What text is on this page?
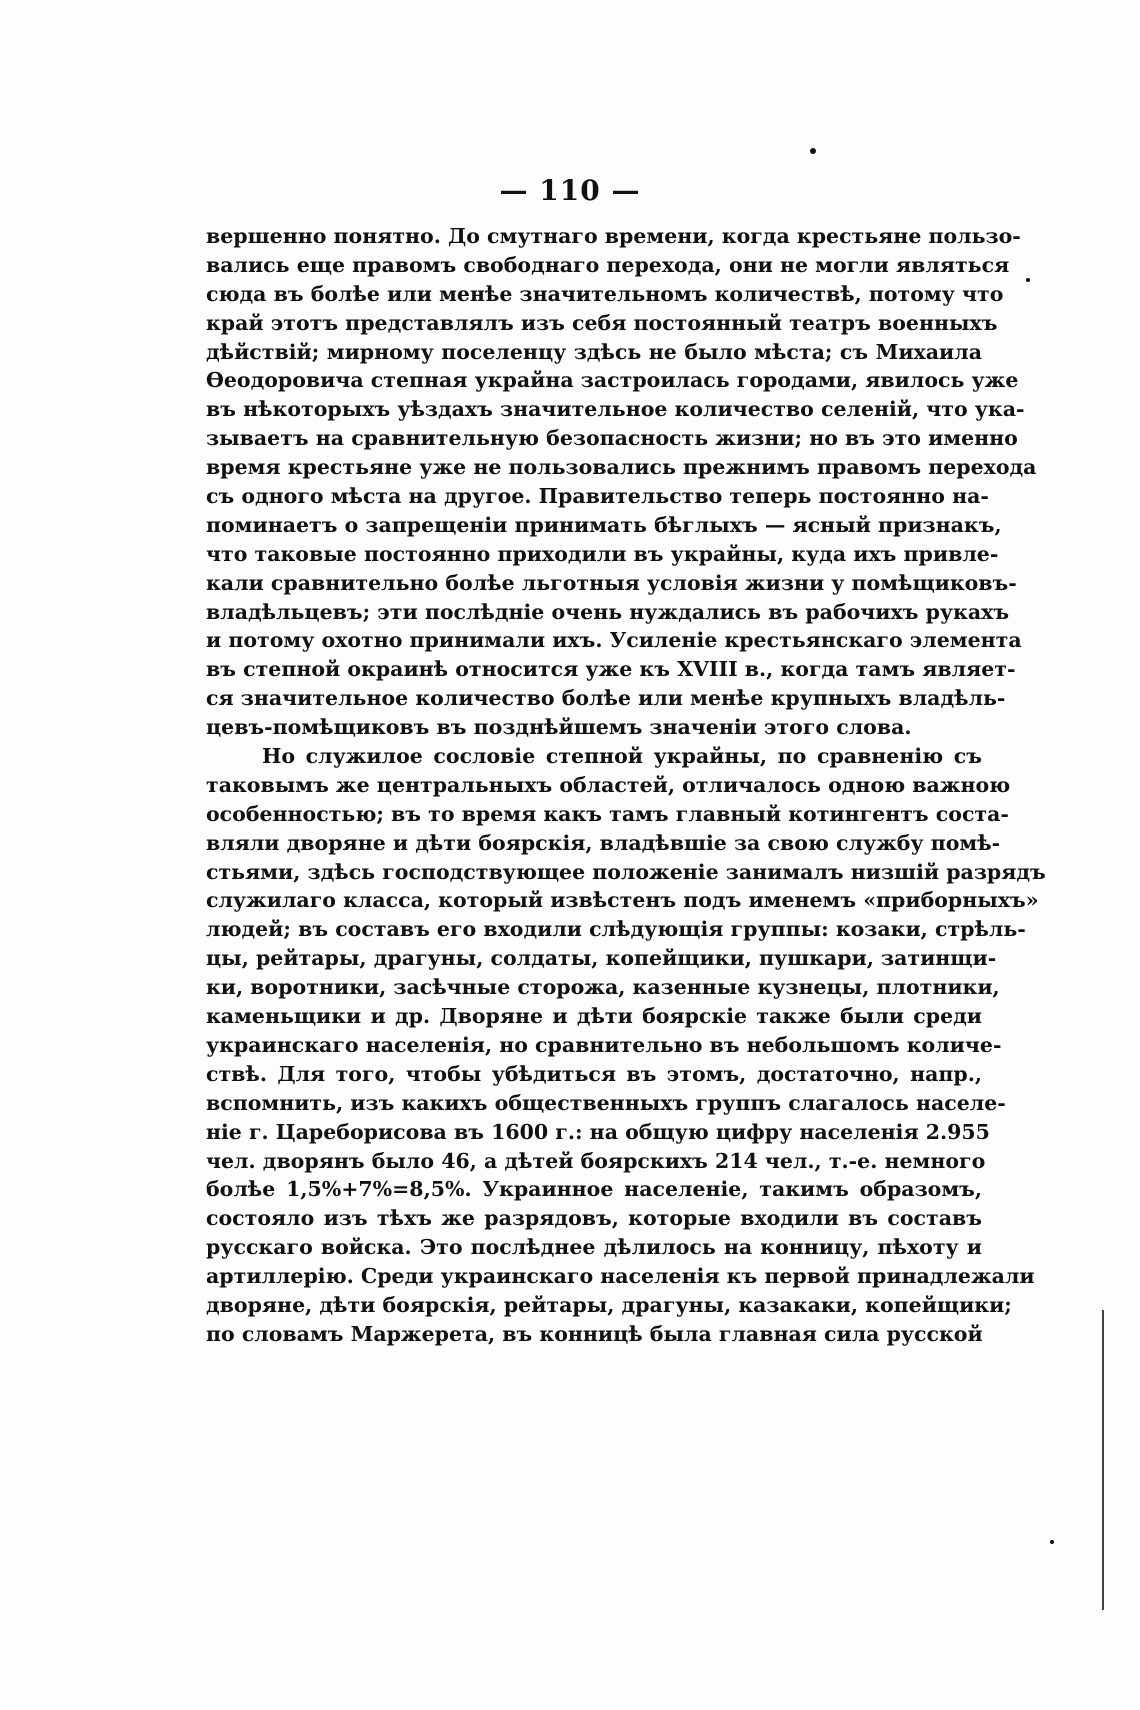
— 110 —
вершенно понятно. До смутнаго времени, когда крестьяне пользо-
вались еще правомъ свободнаго перехода, они не могли являться
сюда въ болѣе или менѣе значительномъ количествѣ, потому что
край этотъ представлялъ изъ себя постоянный театръ военныхъ
дѣйствій; мирному поселенцу здѣсь не было мѣста; съ Михаила
Ѳеодоровича степная украйна застроилась городами, явилось уже
въ нѣкоторыхъ уѣздахъ значительное количество селеній, что ука-
зываетъ на сравнительную безопасность жизни; но въ это именно
время крестьяне уже не пользовались прежнимъ правомъ перехода
съ одного мѣста на другое. Правительство теперь постоянно на-
поминаетъ о запрещеніи принимать бѣглыхъ — ясный признакъ,
что таковые постоянно приходили въ украйны, куда ихъ привле-
кали сравнительно болѣе льготныя условія жизни у помѣщиковъ-
владѣльцевъ; эти послѣдніе очень нуждались въ рабочихъ рукахъ
и потому охотно принимали ихъ. Усиленіе крестьянскаго элемента
въ степной окраинѣ относится уже къ XVIII в., когда тамъ являет-
ся значительное количество болѣе или менѣе крупныхъ владѣль-
цевъ-помѣщиковъ въ позднѣйшемъ значеніи этого слова.
Но служилое сословіе степной украйны, по сравненію съ
таковымъ же центральныхъ областей, отличалось одною важною
особенностью; въ то время какъ тамъ главный котингентъ соста-
вляли дворяне и дѣти боярскія, владѣвшіе за свою службу помѣ-
стьями, здѣсь господствующее положеніе занималъ низшій разрядъ
служилаго класса, который извѣстенъ подъ именемъ «приборныхъ»
людей; въ составъ его входили слѣдующія группы: козаки, стрѣль-
цы, рейтары, драгуны, солдаты, копейщики, пушкари, затинщи-
ки, воротники, засѣчные сторожа, казенные кузнецы, плотники,
каменьщики и др. Дворяне и дѣти боярскіе также были среди
украинскаго населенія, но сравнительно въ небольшомъ количе-
ствѣ. Для того, чтобы убѣдиться въ этомъ, достаточно, напр.,
вспомнить, изъ какихъ общественныхъ группъ слагалось населе-
ніе г. Цареборисова въ 1600 г.: на общую цифру населенія 2.955
чел. дворянъ было 46, а дѣтей боярскихъ 214 чел., т.-е. немного
болѣе 1,5%+7%=8,5%. Украинное населеніе, такимъ образомъ,
состояло изъ тѣхъ же разрядовъ, которые входили въ составъ
русскаго войска. Это послѣднее дѣлилось на конницу, пѣхоту и
артиллерію. Среди украинскаго населенія къ первой принадлежали
дворяне, дѣти боярскія, рейтары, драгуны, казакаки, копейщики;
по словамъ Маржерета, въ конницѣ была главная сила русской
